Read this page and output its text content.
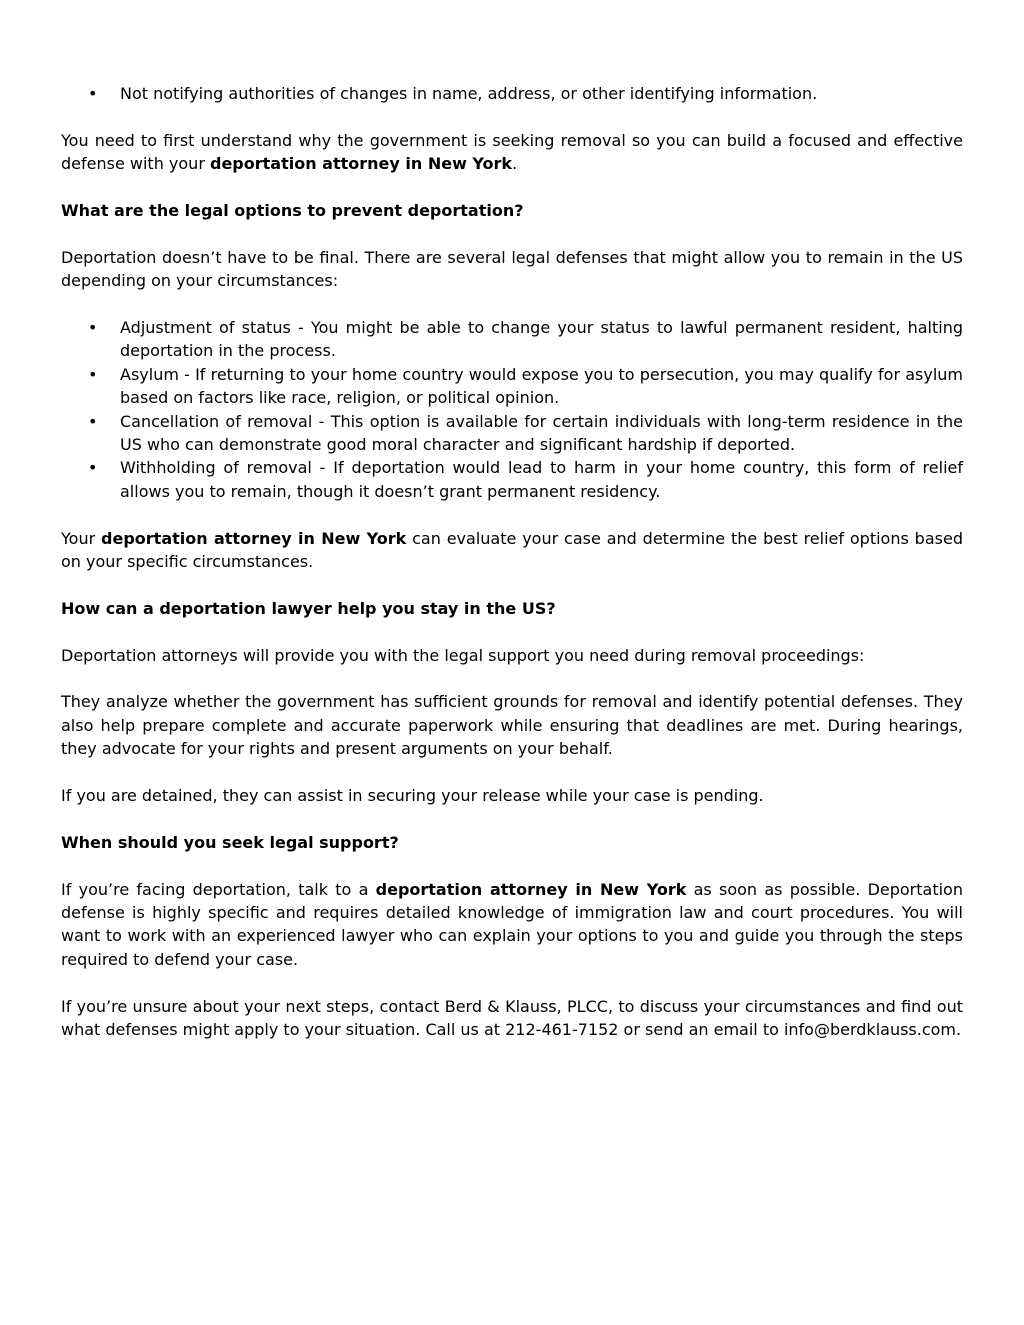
• Not notifying authorities of changes in name, address, or other identifying information.

You need to first understand why the government is seeking removal so you can build a focused and effective defense with your deportation attorney in New York.

What are the legal options to prevent deportation?

Deportation doesn’t have to be final. There are several legal defenses that might allow you to remain in the US depending on your circumstances:

• Adjustment of status - You might be able to change your status to lawful permanent resident, halting deportation in the process.
• Asylum - If returning to your home country would expose you to persecution, you may qualify for asylum based on factors like race, religion, or political opinion.
• Cancellation of removal - This option is available for certain individuals with long-term residence in the US who can demonstrate good moral character and significant hardship if deported.
• Withholding of removal - If deportation would lead to harm in your home country, this form of relief allows you to remain, though it doesn’t grant permanent residency.

Your deportation attorney in New York can evaluate your case and determine the best relief options based on your specific circumstances.

How can a deportation lawyer help you stay in the US?

Deportation attorneys will provide you with the legal support you need during removal proceedings:

They analyze whether the government has sufficient grounds for removal and identify potential defenses. They also help prepare complete and accurate paperwork while ensuring that deadlines are met. During hearings, they advocate for your rights and present arguments on your behalf.

If you are detained, they can assist in securing your release while your case is pending.

When should you seek legal support?

If you’re facing deportation, talk to a deportation attorney in New York as soon as possible. Deportation defense is highly specific and requires detailed knowledge of immigration law and court procedures. You will want to work with an experienced lawyer who can explain your options to you and guide you through the steps required to defend your case.

If you’re unsure about your next steps, contact Berd & Klauss, PLCC, to discuss your circumstances and find out what defenses might apply to your situation. Call us at 212-461-7152 or send an email to info@berdklauss.com.
